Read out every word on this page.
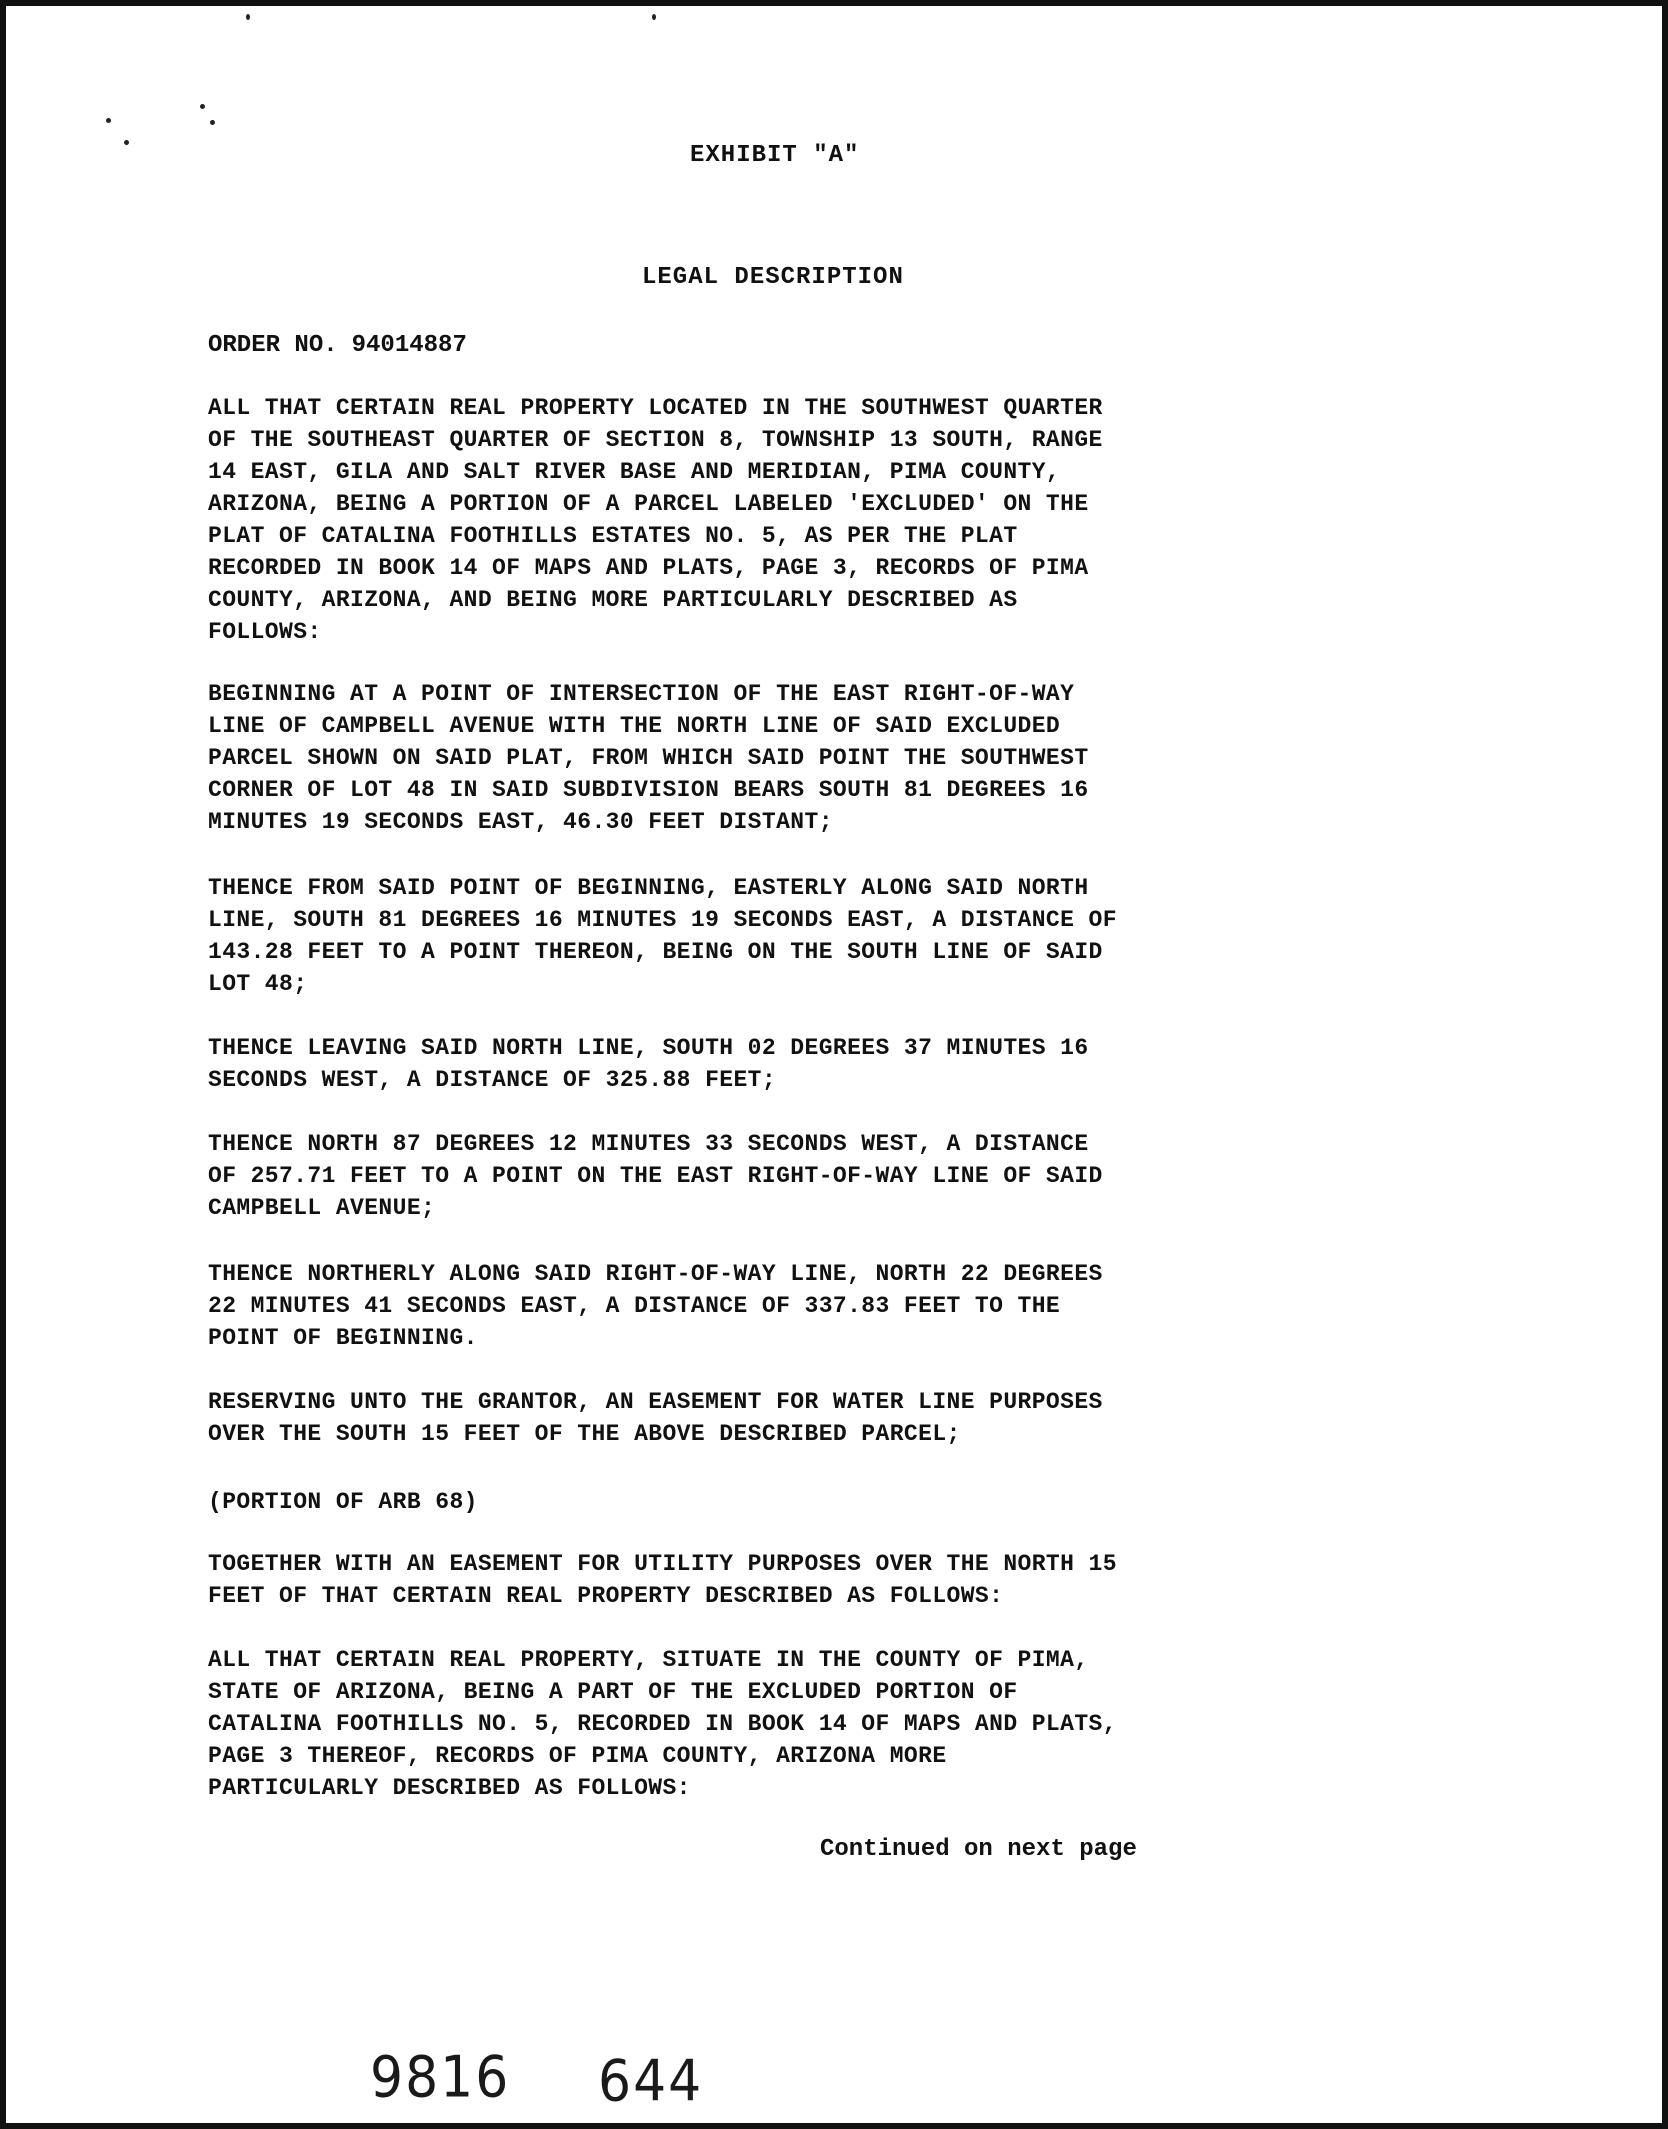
EXHIBIT "A"
LEGAL DESCRIPTION
ORDER NO. 94014887
ALL THAT CERTAIN REAL PROPERTY LOCATED IN THE SOUTHWEST QUARTER
OF THE SOUTHEAST QUARTER OF SECTION 8, TOWNSHIP 13 SOUTH, RANGE
14 EAST, GILA AND SALT RIVER BASE AND MERIDIAN, PIMA COUNTY,
ARIZONA, BEING A PORTION OF A PARCEL LABELED 'EXCLUDED' ON THE
PLAT OF CATALINA FOOTHILLS ESTATES NO. 5, AS PER THE PLAT
RECORDED IN BOOK 14 OF MAPS AND PLATS, PAGE 3, RECORDS OF PIMA
COUNTY, ARIZONA, AND BEING MORE PARTICULARLY DESCRIBED AS
FOLLOWS:
BEGINNING AT A POINT OF INTERSECTION OF THE EAST RIGHT-OF-WAY
LINE OF CAMPBELL AVENUE WITH THE NORTH LINE OF SAID EXCLUDED
PARCEL SHOWN ON SAID PLAT, FROM WHICH SAID POINT THE SOUTHWEST
CORNER OF LOT 48 IN SAID SUBDIVISION BEARS SOUTH 81 DEGREES 16
MINUTES 19 SECONDS EAST, 46.30 FEET DISTANT;
THENCE FROM SAID POINT OF BEGINNING, EASTERLY ALONG SAID NORTH
LINE, SOUTH 81 DEGREES 16 MINUTES 19 SECONDS EAST, A DISTANCE OF
143.28 FEET TO A POINT THEREON, BEING ON THE SOUTH LINE OF SAID
LOT 48;
THENCE LEAVING SAID NORTH LINE, SOUTH 02 DEGREES 37 MINUTES 16
SECONDS WEST, A DISTANCE OF 325.88 FEET;
THENCE NORTH 87 DEGREES 12 MINUTES 33 SECONDS WEST, A DISTANCE
OF 257.71 FEET TO A POINT ON THE EAST RIGHT-OF-WAY LINE OF SAID
CAMPBELL AVENUE;
THENCE NORTHERLY ALONG SAID RIGHT-OF-WAY LINE, NORTH 22 DEGREES
22 MINUTES 41 SECONDS EAST, A DISTANCE OF 337.83 FEET TO THE
POINT OF BEGINNING.
RESERVING UNTO THE GRANTOR, AN EASEMENT FOR WATER LINE PURPOSES
OVER THE SOUTH 15 FEET OF THE ABOVE DESCRIBED PARCEL;
(PORTION OF ARB 68)
TOGETHER WITH AN EASEMENT FOR UTILITY PURPOSES OVER THE NORTH 15
FEET OF THAT CERTAIN REAL PROPERTY DESCRIBED AS FOLLOWS:
ALL THAT CERTAIN REAL PROPERTY, SITUATE IN THE COUNTY OF PIMA,
STATE OF ARIZONA, BEING A PART OF THE EXCLUDED PORTION OF
CATALINA FOOTHILLS NO. 5, RECORDED IN BOOK 14 OF MAPS AND PLATS,
PAGE 3 THEREOF, RECORDS OF PIMA COUNTY, ARIZONA MORE
PARTICULARLY DESCRIBED AS FOLLOWS:
Continued on next page
9816 644
